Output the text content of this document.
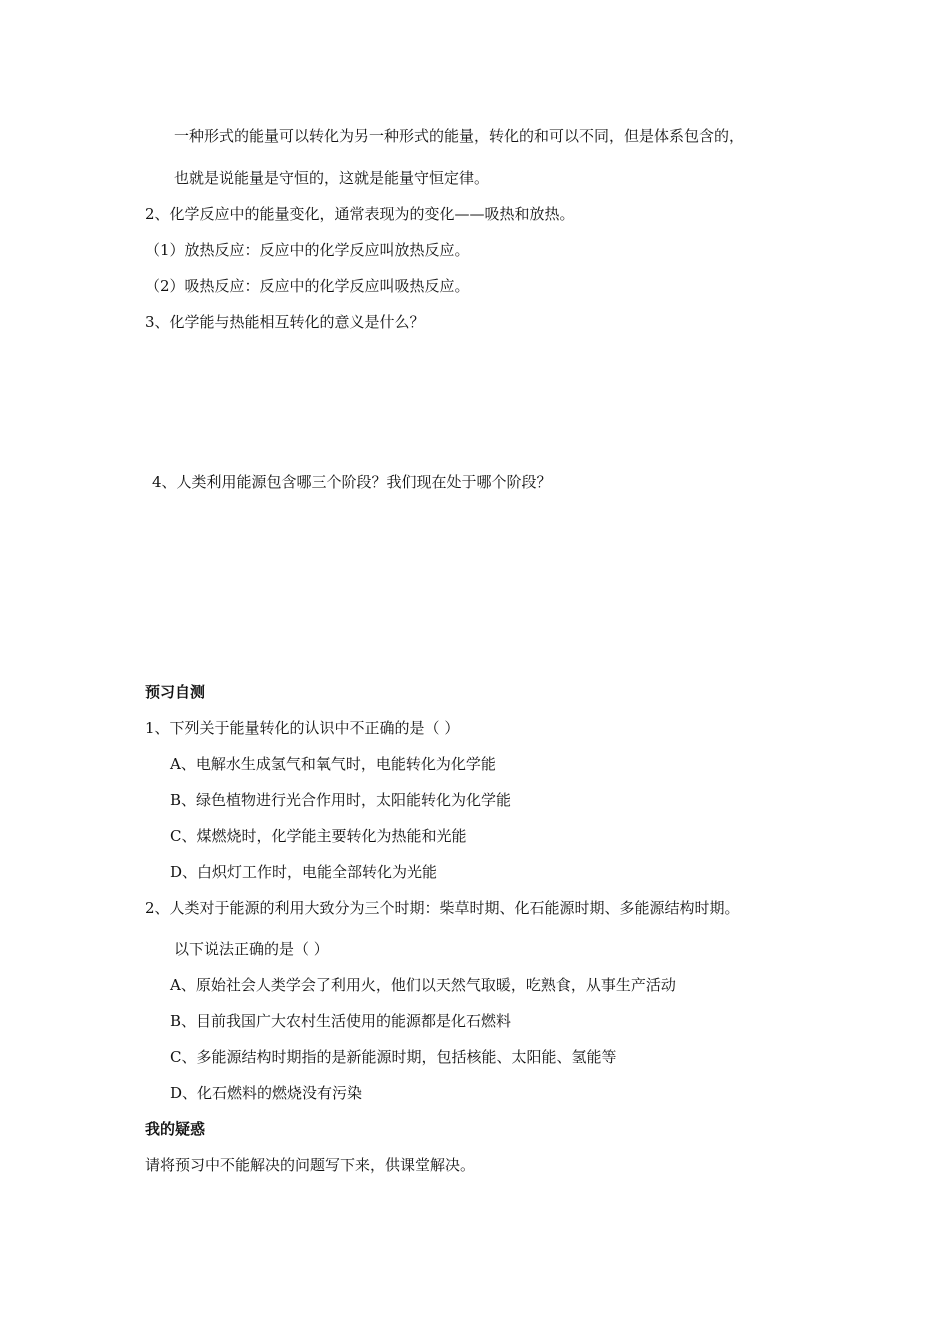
一种形式的能量可以转化为另一种形式的能量，转化的和可以不同，但是体系包含的，
也就是说能量是守恒的，这就是能量守恒定律。
2、化学反应中的能量变化，通常表现为的变化——吸热和放热。
（1）放热反应：反应中的化学反应叫放热反应。
（2）吸热反应：反应中的化学反应叫吸热反应。
3、化学能与热能相互转化的意义是什么？
4、人类利用能源包含哪三个阶段？我们现在处于哪个阶段？
预习自测
1、下列关于能量转化的认识中不正确的是（ ）
A、电解水生成氢气和氧气时，电能转化为化学能
B、绿色植物进行光合作用时，太阳能转化为化学能
C、煤燃烧时，化学能主要转化为热能和光能
D、白炽灯工作时，电能全部转化为光能
2、人类对于能源的利用大致分为三个时期：柴草时期、化石能源时期、多能源结构时期。
以下说法正确的是（ ）
A、原始社会人类学会了利用火，他们以天然气取暖，吃熟食，从事生产活动
B、目前我国广大农村生活使用的能源都是化石燃料
C、多能源结构时期指的是新能源时期，包括核能、太阳能、氢能等
D、化石燃料的燃烧没有污染
我的疑惑
请将预习中不能解决的问题写下来，供课堂解决。
